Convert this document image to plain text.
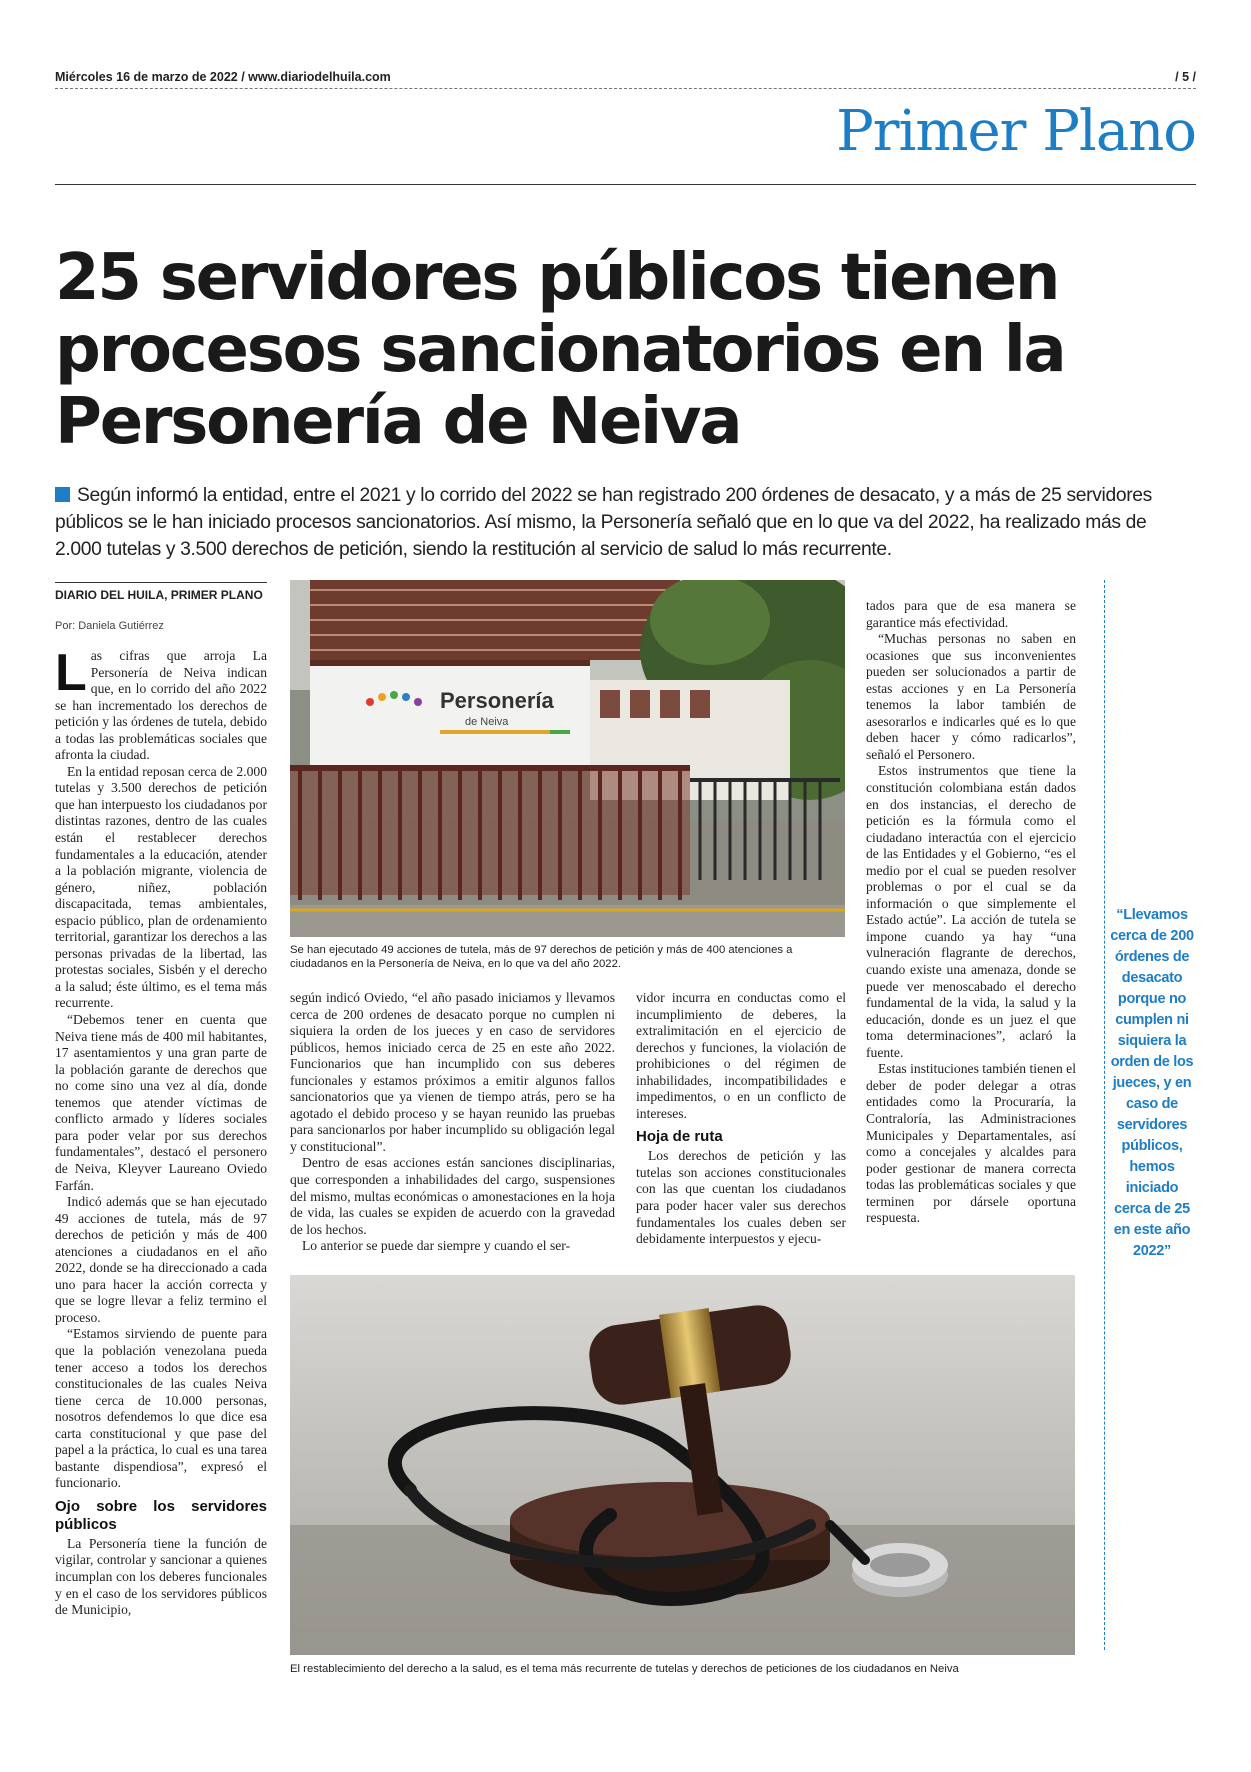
Miércoles 16 de marzo de 2022 / www.diariodelhuila.com	/ 5 /
Primer Plano
25 servidores públicos tienen procesos sancionatorios en la Personería de Neiva
Según informó la entidad, entre el 2021 y lo corrido del 2022 se han registrado 200 órdenes de desacato, y a más de 25 servidores públicos se le han iniciado procesos sancionatorios. Así mismo, la Personería señaló que en lo que va del 2022, ha realizado más de 2.000 tutelas y 3.500 derechos de petición, siendo la restitución al servicio de salud lo más recurrente.
DIARIO DEL HUILA, PRIMER PLANO
Por: Daniela Gutiérrez

Las cifras que arroja La Personería de Neiva indican que, en lo corrido del año 2022 se han incrementado los derechos de petición y las órdenes de tutela, debido a todas las problemáticas sociales que afronta la ciudad.

En la entidad reposan cerca de 2.000 tutelas y 3.500 derechos de petición que han interpuesto los ciudadanos por distintas razones, dentro de las cuales están el restablecer derechos fundamentales a la educación, atender a la población migrante, violencia de género, niñez, población discapacitada, temas ambientales, espacio público, plan de ordenamiento territorial, garantizar los derechos a las personas privadas de la libertad, las protestas sociales, Sisbén y el derecho a la salud; éste último, es el tema más recurrente.

“Debemos tener en cuenta que Neiva tiene más de 400 mil habitantes, 17 asentamientos y una gran parte de la población garante de derechos que no come sino una vez al día, donde tenemos que atender víctimas de conflicto armado y líderes sociales para poder velar por sus derechos fundamentales”, destacó el personero de Neiva, Kleyver Laureano Oviedo Farfán.

Indicó además que se han ejecutado 49 acciones de tutela, más de 97 derechos de petición y más de 400 atenciones a ciudadanos en el año 2022, donde se ha direccionado a cada uno para hacer la acción correcta y que se logre llevar a feliz termino el proceso.

“Estamos sirviendo de puente para que la población venezolana pueda tener acceso a todos los derechos constitucionales de las cuales Neiva tiene cerca de 10.000 personas, nosotros defendemos lo que dice esa carta constitucional y que pase del papel a la práctica, lo cual es una tarea bastante dispendiosa”, expresó el funcionario.

Ojo sobre los servidores públicos

La Personería tiene la función de vigilar, controlar y sancionar a quienes incumplan con los deberes funcionales y en el caso de los servidores públicos de Municipio,

Personería
de Neiva
Se han ejecutado 49 acciones de tutela, más de 97 derechos de petición y más de 400 atenciones a ciudadanos en la Personería de Neiva, en lo que va del año 2022.

según indicó Oviedo, “el año pasado iniciamos y llevamos cerca de 200 ordenes de desacato porque no cumplen ni siquiera la orden de los jueces y en caso de servidores públicos, hemos iniciado cerca de 25 en este año 2022. Funcionarios que han incumplido con sus deberes funcionales y estamos próximos a emitir algunos fallos sancionatorios que ya vienen de tiempo atrás, pero se ha agotado el debido proceso y se hayan reunido las pruebas para sancionarlos por haber incumplido su obligación legal y constitucional”.

Dentro de esas acciones están sanciones disciplinarias, que corresponden a inhabilidades del cargo, suspensiones del mismo, multas económicas o amonestaciones en la hoja de vida, las cuales se expiden de acuerdo con la gravedad de los hechos.

Lo anterior se puede dar siempre y cuando el ser-

vidor incurra en conductas como el incumplimiento de deberes, la extralimitación en el ejercicio de derechos y funciones, la violación de prohibiciones o del régimen de inhabilidades, incompatibilidades e impedimentos, o en un conflicto de intereses.

Hoja de ruta

Los derechos de petición y las tutelas son acciones constitucionales con las que cuentan los ciudadanos para poder hacer valer sus derechos fundamentales los cuales deben ser debidamente interpuestos y ejecu-

tados para que de esa manera se garantice más efectividad.

“Muchas personas no saben en ocasiones que sus inconvenientes pueden ser solucionados a partir de estas acciones y en La Personería tenemos la labor también de asesorarlos e indicarles qué es lo que deben hacer y cómo radicarlos”, señaló el Personero.

Estos instrumentos que tiene la constitución colombiana están dados en dos instancias, el derecho de petición es la fórmula como el ciudadano interactúa con el ejercicio de las Entidades y el Gobierno, “es el medio por el cual se pueden resolver problemas o por el cual se da información o que simplemente el Estado actúe”. La acción de tutela se impone cuando ya hay “una vulneración flagrante de derechos, cuando existe una amenaza, donde se puede ver menoscabado el derecho fundamental de la vida, la salud y la educación, donde es un juez el que toma determinaciones”, aclaró la fuente.

Estas instituciones también tienen el deber de poder delegar a otras entidades como la Procuraría, la Contraloría, las Administraciones Municipales y Departamentales, así como a concejales y alcaldes para poder gestionar de manera correcta todas las problemáticas sociales y que terminen por dársele oportuna respuesta.

“Llevamos cerca de 200 órdenes de desacato porque no cumplen ni siquiera la orden de los jueces, y en caso de servidores públicos, hemos iniciado cerca de 25 en este año 2022”
El restablecimiento del derecho a la salud, es el tema más recurrente de tutelas y derechos de peticiones de los ciudadanos en Neiva
